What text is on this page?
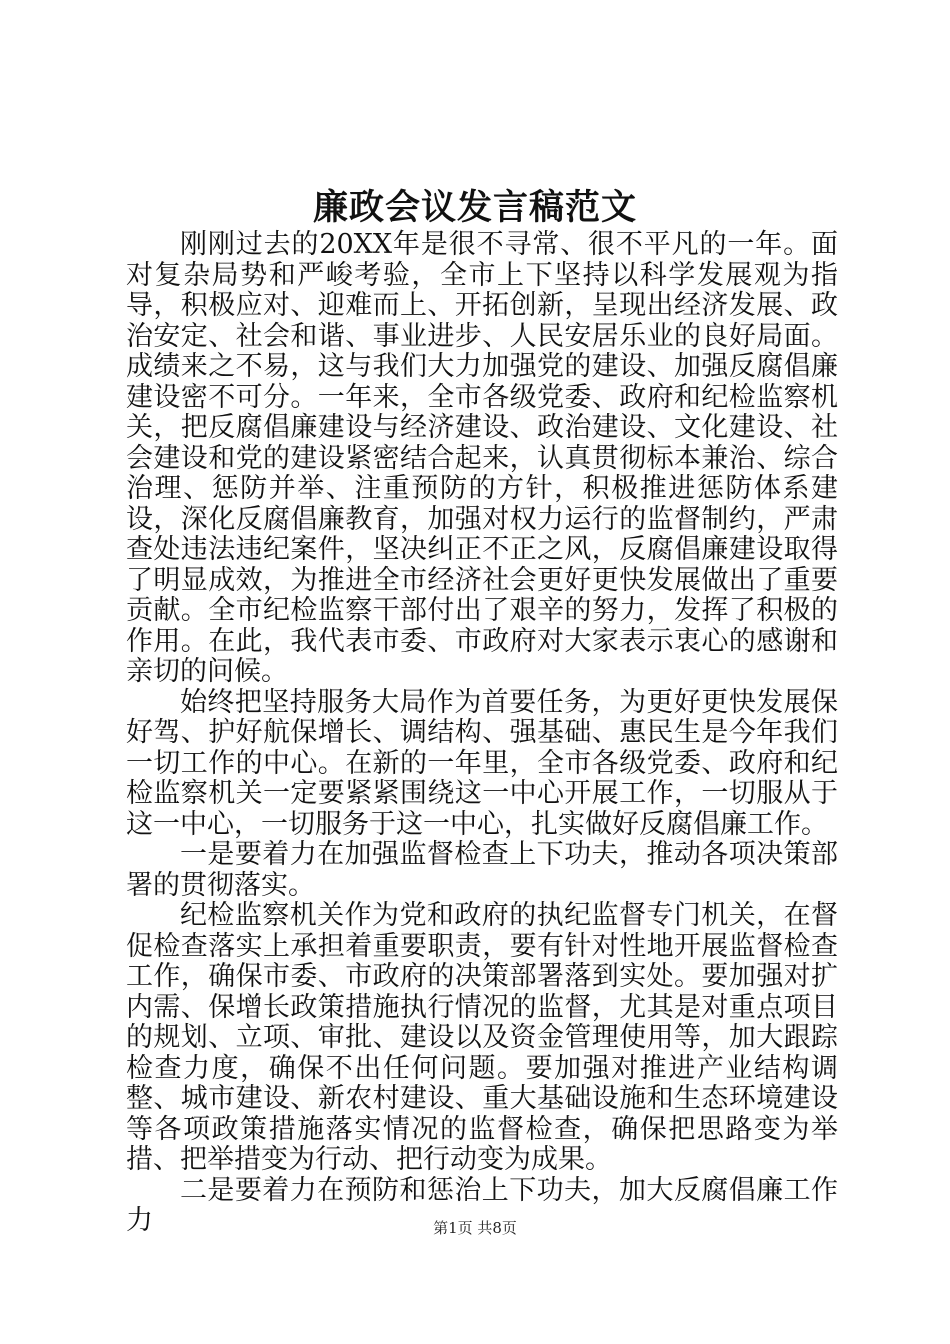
廉政会议发言稿范文

刚刚过去的20XX年是很不寻常、很不平凡的一年。面对复杂局势和严峻考验，全市上下坚持以科学发展观为指导，积极应对、迎难而上、开拓创新，呈现出经济发展、政治安定、社会和谐、事业进步、人民安居乐业的良好局面。成绩来之不易，这与我们大力加强党的建设、加强反腐倡廉建设密不可分。一年来，全市各级党委、政府和纪检监察机关，把反腐倡廉建设与经济建设、政治建设、文化建设、社会建设和党的建设紧密结合起来，认真贯彻标本兼治、综合治理、惩防并举、注重预防的方针，积极推进惩防体系建设，深化反腐倡廉教育，加强对权力运行的监督制约，严肃查处违法违纪案件，坚决纠正不正之风，反腐倡廉建设取得了明显成效，为推进全市经济社会更好更快发展做出了重要贡献。全市纪检监察干部付出了艰辛的努力，发挥了积极的作用。在此，我代表市委、市政府对大家表示衷心的感谢和亲切的问候。

始终把坚持服务大局作为首要任务，为更好更快发展保好驾、护好航保增长、调结构、强基础、惠民生是今年我们一切工作的中心。在新的一年里，全市各级党委、政府和纪检监察机关一定要紧紧围绕这一中心开展工作，一切服从于这一中心，一切服务于这一中心，扎实做好反腐倡廉工作。

一是要着力在加强监督检查上下功夫，推动各项决策部署的贯彻落实。

纪检监察机关作为党和政府的执纪监督专门机关，在督促检查落实上承担着重要职责，要有针对性地开展监督检查工作，确保市委、市政府的决策部署落到实处。要加强对扩内需、保增长政策措施执行情况的监督，尤其是对重点项目的规划、立项、审批、建设以及资金管理使用等，加大跟踪检查力度，确保不出任何问题。要加强对推进产业结构调整、城市建设、新农村建设、重大基础设施和生态环境建设等各项政策措施落实情况的监督检查，确保把思路变为举措、把举措变为行动、把行动变为成果。

二是要着力在预防和惩治上下功夫，加大反腐倡廉工作力	第1页 共8页
